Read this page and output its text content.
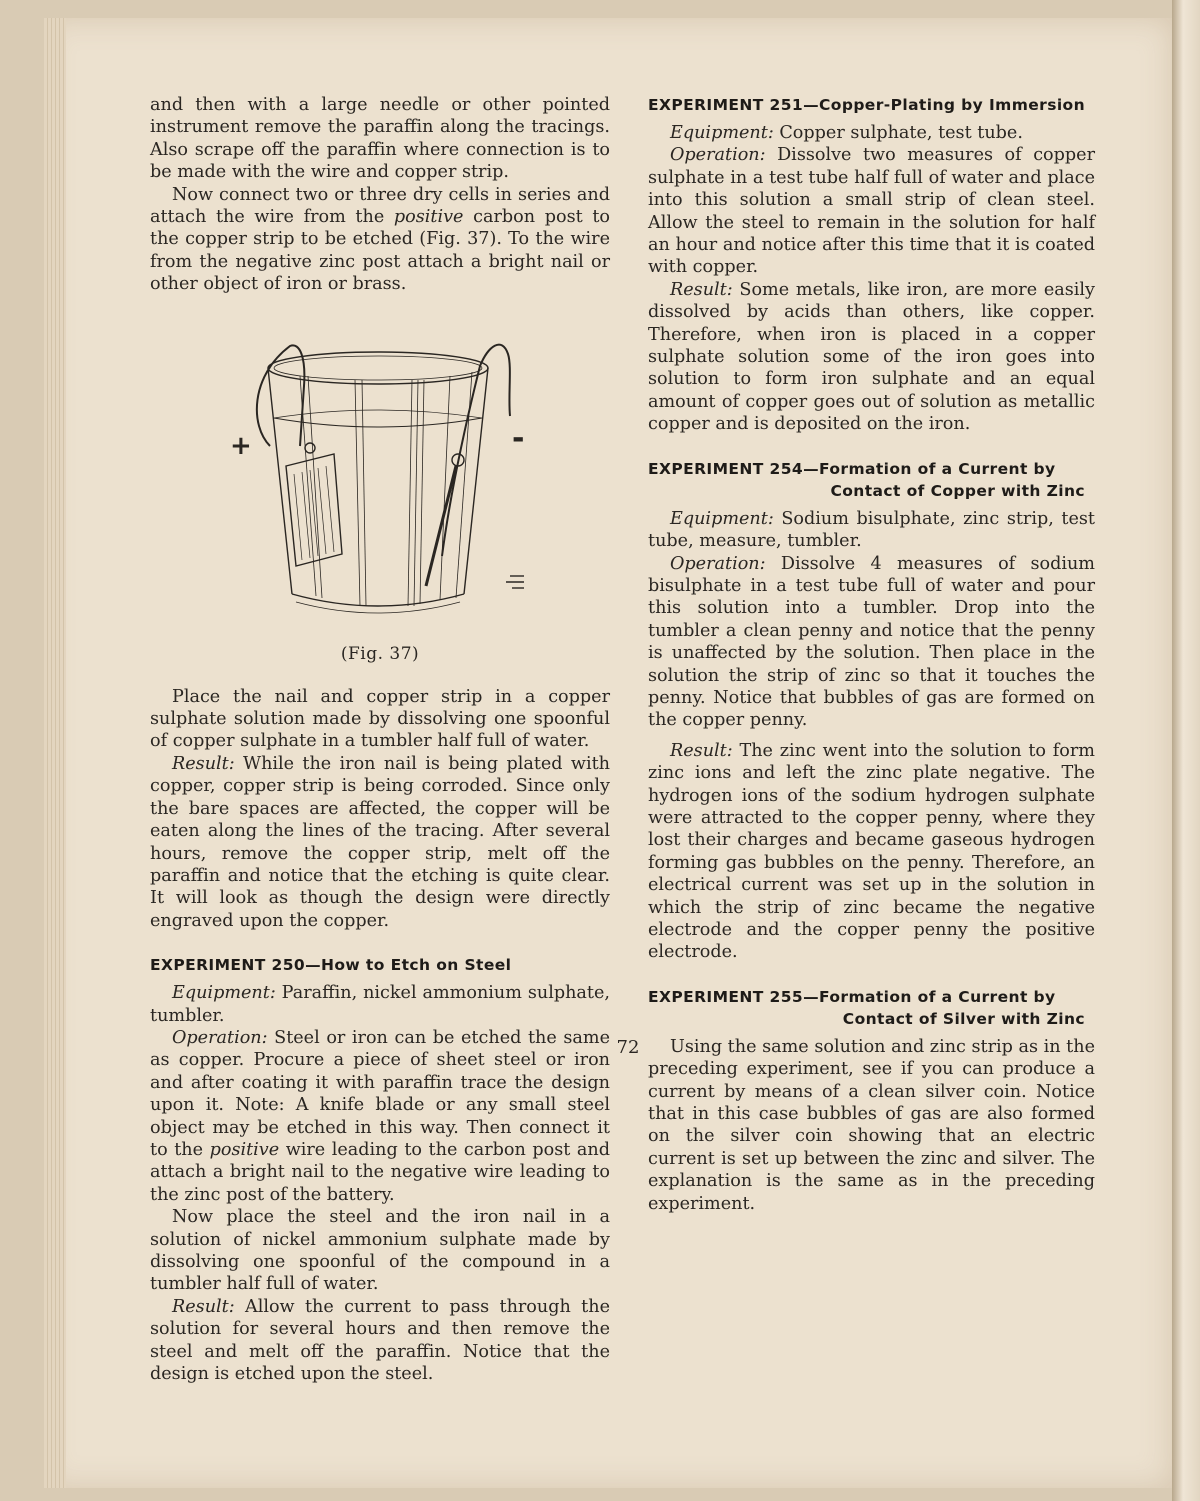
and then with a large needle or other pointed instrument remove the paraffin along the tracings. Also scrape off the paraffin where connection is to be made with the wire and copper strip.

Now connect two or three dry cells in series and attach the wire from the positive carbon post to the copper strip to be etched (Fig. 37). To the wire from the negative zinc post attach a bright nail or other object of iron or brass.

+	-
(Fig. 37)

Place the nail and copper strip in a copper sulphate solution made by dissolving one spoonful of copper sulphate in a tumbler half full of water.

Result: While the iron nail is being plated with copper, copper strip is being corroded. Since only the bare spaces are affected, the copper will be eaten along the lines of the tracing. After several hours, remove the copper strip, melt off the paraffin and notice that the etching is quite clear. It will look as though the design were directly engraved upon the copper.

EXPERIMENT 250—How to Etch on Steel

Equipment: Paraffin, nickel ammonium sulphate, tumbler.

Operation: Steel or iron can be etched the same as copper. Procure a piece of sheet steel or iron and after coating it with paraffin trace the design upon it. Note: A knife blade or any small steel object may be etched in this way. Then connect it to the positive wire leading to the carbon post and attach a bright nail to the negative wire leading to the zinc post of the battery.

Now place the steel and the iron nail in a solution of nickel ammonium sulphate made by dissolving one spoonful of the compound in a tumbler half full of water.

Result: Allow the current to pass through the solution for several hours and then remove the steel and melt off the paraffin. Notice that the design is etched upon the steel.

EXPERIMENT 251—Copper-Plating by Immersion

Equipment: Copper sulphate, test tube.

Operation: Dissolve two measures of copper sulphate in a test tube half full of water and place into this solution a small strip of clean steel. Allow the steel to remain in the solution for half an hour and notice after this time that it is coated with copper.

Result: Some metals, like iron, are more easily dissolved by acids than others, like copper. Therefore, when iron is placed in a copper sulphate solution some of the iron goes into solution to form iron sulphate and an equal amount of copper goes out of solution as metallic copper and is deposited on the iron.

EXPERIMENT 254—Formation of a Current by
Contact of Copper with Zinc

Equipment: Sodium bisulphate, zinc strip, test tube, measure, tumbler.

Operation: Dissolve 4 measures of sodium bisulphate in a test tube full of water and pour this solution into a tumbler. Drop into the tumbler a clean penny and notice that the penny is unaffected by the solution. Then place in the solution the strip of zinc so that it touches the penny. Notice that bubbles of gas are formed on the copper penny.

Result: The zinc went into the solution to form zinc ions and left the zinc plate negative. The hydrogen ions of the sodium hydrogen sulphate were attracted to the copper penny, where they lost their charges and became gaseous hydrogen forming gas bubbles on the penny. Therefore, an electrical current was set up in the solution in which the strip of zinc became the negative electrode and the copper penny the positive electrode.

EXPERIMENT 255—Formation of a Current by
Contact of Silver with Zinc

Using the same solution and zinc strip as in the preceding experiment, see if you can produce a current by means of a clean silver coin. Notice that in this case bubbles of gas are also formed on the silver coin showing that an electric current is set up between the zinc and silver. The explanation is the same as in the preceding experiment.

72
